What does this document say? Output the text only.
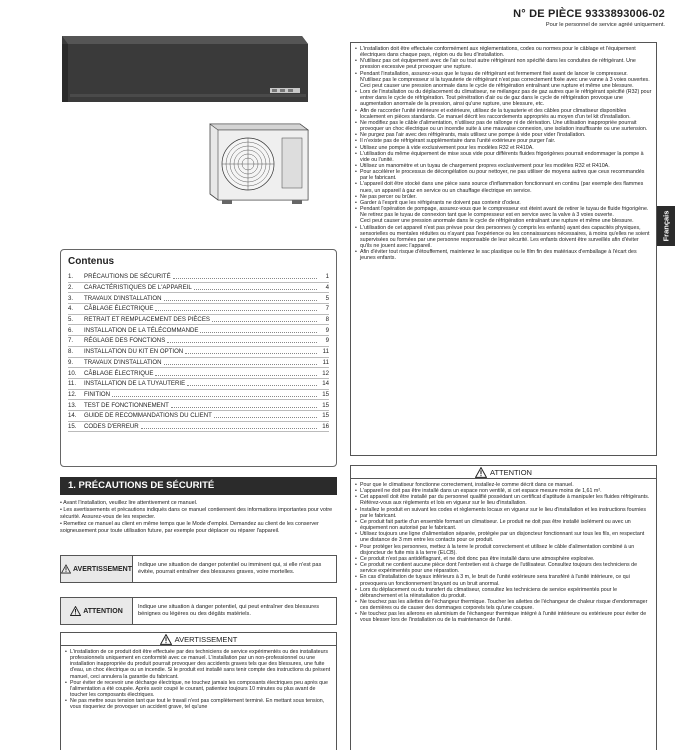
N° DE PIÈCE 9333893006-02
Pour le personnel de service agréé uniquement.
Français
Contenus
1.	PRÉCAUTIONS DE SÉCURITÉ	1
2.	CARACTÉRISTIQUES DE L'APPAREIL	4
3.	TRAVAUX D'INSTALLATION	5
4.	CÂBLAGE ÉLECTRIQUE	7
5.	RETRAIT ET REMPLACEMENT DES PIÈCES	8
6.	INSTALLATION DE LA TÉLÉCOMMANDE	9
7.	RÉGLAGE DES FONCTIONS	9
8.	INSTALLATION DU KIT EN OPTION	11
9.	TRAVAUX D'INSTALLATION	11
10.	CÂBLAGE ÉLECTRIQUE	12
11.	INSTALLATION DE LA TUYAUTERIE	14
12.	FINITION	15
13.	TEST DE FONCTIONNEMENT	15
14.	GUIDE DE RECOMMANDATIONS DU CLIENT	15
15.	CODES D'ERREUR	16
1. PRÉCAUTIONS DE SÉCURITÉ

• Avant l'installation, veuillez lire attentivement ce manuel.

• Les avertissements et précautions indiqués dans ce manuel contiennent des informations importantes pour votre sécurité. Assurez-vous de les respecter.

• Remettez ce manuel au client en même temps que le Mode d'emploi. Demandez au client de les conserver soigneusement pour toute utilisation future, par exemple pour déplacer ou réparer l'appareil.

AVERTISSEMENT
Indique une situation de danger potentiel ou imminent qui, si elle n'est pas évitée, pourrait entraîner des blessures graves, voire mortelles.
ATTENTION
Indique une situation à danger potentiel, qui peut entraîner des blessures bénignes ou légères ou des dégâts matériels.
AVERTISSEMENT
• L'installation de ce produit doit être effectuée par des techniciens de service expérimentés ou des installateurs professionnels uniquement en conformité avec ce manuel. L'installation par un non-professionnel ou une installation inappropriée du produit pourrait provoquer des accidents graves tels que des blessures, une fuite d'eau, un choc électrique ou un incendie. Si le produit est installé sans tenir compte des instructions du présent manuel, ceci annulera la garantie du fabricant.
• Pour éviter de recevoir une décharge électrique, ne touchez jamais les composants électriques peu après que l'alimentation a été coupée. Après avoir coupé le courant, patientez toujours 10 minutes ou plus avant de toucher les composants électriques.
• Ne pas mettre sous tension tant que tout le travail n'est pas complètement terminé. En mettant sous tension, vous risqueriez de provoquer un accident grave, tel qu'une
• L'installation doit être effectuée conformément aux réglementations, codes ou normes pour le câblage et l'équipement électriques dans chaque pays, région ou du lieu d'installation.
• N'utilisez pas cet équipement avec de l'air ou tout autre réfrigérant non spécifié dans les conduites de réfrigérant. Une pression excessive peut provoquer une rupture.
• Pendant l'installation, assurez-vous que le tuyau de réfrigérant est fermement fixé avant de lancer le compresseur.
N'utilisez pas le compresseur si la tuyauterie de réfrigérant n'est pas correctement fixée avec une vanne à 3 voies ouvertes. Ceci peut causer une pression anormale dans le cycle de réfrigération entraînant une rupture et même une blessure.
• Lors de l'installation ou du déplacement du climatiseur, ne mélangez pas de gaz autres que le réfrigérant spécifié (R32) pour entrer dans le cycle de réfrigération. Tout pénétration d'air ou de gaz dans le cycle de réfrigération provoque une augmentation anormale de la pression, ainsi qu'une rupture, une blessure, etc.
• Afin de raccorder l'unité intérieure et extérieure, utilisez de la tuyauterie et des câbles pour climatiseur disponibles localement en pièces standards. Ce manuel décrit les raccordements appropriés au moyen d'un tel kit d'installation.
• Ne modifiez pas le câble d'alimentation, n'utilisez pas de rallonge ni de dérivation. Une utilisation inappropriée pourrait provoquer un choc électrique ou un incendie suite à une mauvaise connexion, une isolation insuffisante ou une surtension.
• Ne purgez pas l'air avec des réfrigérants, mais utilisez une pompe à vide pour vider l'installation.
• Il n'existe pas de réfrigérant supplémentaire dans l'unité extérieure pour purger l'air.
• Utilisez une pompe à vide exclusivement pour les modèles R32 et R410A.
• L'utilisation du même équipement de mise sous vide pour différents fluides frigorigènes pourrait endommager la pompe à vide ou l'unité.
• Utilisez un manomètre et un tuyau de chargement propres exclusivement pour les modèles R32 et R410A.
• Pour accélérer le processus de décongélation ou pour nettoyer, ne pas utiliser de moyens autres que ceux recommandés par le fabricant.
• L'appareil doit être stocké dans une pièce sans source d'inflammation fonctionnant en continu (par exemple des flammes nues, un appareil à gaz en service ou un chauffage électrique en service.
• Ne pas percer ou brûler.
• Garder à l'esprit que les réfrigérants ne doivent pas contenir d'odeur.
• Pendant l'opération de pompage, assurez-vous que le compresseur est éteint avant de retirer le tuyau de fluide frigorigène.
Ne retirez pas le tuyau de connexion tant que le compresseur est en service avec la valve à 3 voies ouverte.
Ceci peut causer une pression anormale dans le cycle de réfrigération entraînant une rupture et même une blessure.
• L'utilisation de cet appareil n'est pas prévue pour des personnes (y compris les enfants) ayant des capacités physiques, sensorielles ou mentales réduites ou n'ayant pas l'expérience ou les connaissances nécessaires, à moins qu'elles ne soient supervisées ou formées par une personne responsable de leur sécurité. Les enfants doivent être surveillés afin d'éviter qu'ils ne jouent avec l'appareil.
• Afin d'éviter tout risque d'étouffement, maintenez le sac plastique ou le film fin des matériaux d'emballage à l'écart des jeunes enfants.
ATTENTION
• Pour que le climatiseur fonctionne correctement, installez-le comme décrit dans ce manuel.
• L'appareil ne doit pas être installé dans un espace non ventilé, si cet espace mesure moins de 1,61 m².
• Cet appareil doit être installé par du personnel qualifié possédant un certificat d'aptitude à manipuler les fluides réfrigérants. Référez-vous aux règlements et lois en vigueur sur le lieu d'installation.
• Installez le produit en suivant les codes et règlements locaux en vigueur sur le lieu d'installation et les instructions fournies par le fabricant.
• Ce produit fait partie d'un ensemble formant un climatiseur. Le produit ne doit pas être installé isolément ou avec un équipement non autorisé par le fabricant.
• Utilisez toujours une ligne d'alimentation séparée, protégée par un disjoncteur fonctionnant sur tous les fils, en respectant une distance de 3 mm entre les contacts pour ce produit.
• Pour protéger les personnes, mettez à la terre le produit correctement et utilisez le câble d'alimentation combiné à un disjoncteur de fuite mis à la terre (ELCB).
• Ce produit n'est pas antidéflagrant, et ne doit donc pas être installé dans une atmosphère explosive.
• Ce produit ne contient aucune pièce dont l'entretien est à charge de l'utilisateur. Consultez toujours des techniciens de service expérimentés pour une réparation.
• En cas d'installation de tuyaux inférieurs à 3 m, le bruit de l'unité extérieure sera transféré à l'unité intérieure, ce qui provoquera un fonctionnement bruyant ou un bruit anormal.
• Lors du déplacement ou du transfert du climatiseur, consultez les techniciens de service expérimentés pour le débranchement et la réinstallation du produit.
• Ne touchez pas les ailettes de l'échangeur thermique. Toucher les ailettes de l'échangeur de chaleur risque d'endommager ces dernières ou de causer des dommages corporels tels qu'une coupure.
• Ne touchez pas les ailerons en aluminium de l'échangeur thermique intégré à l'unité intérieure ou extérieure pour éviter de vous blesser lors de l'installation ou de la maintenance de l'unité.
